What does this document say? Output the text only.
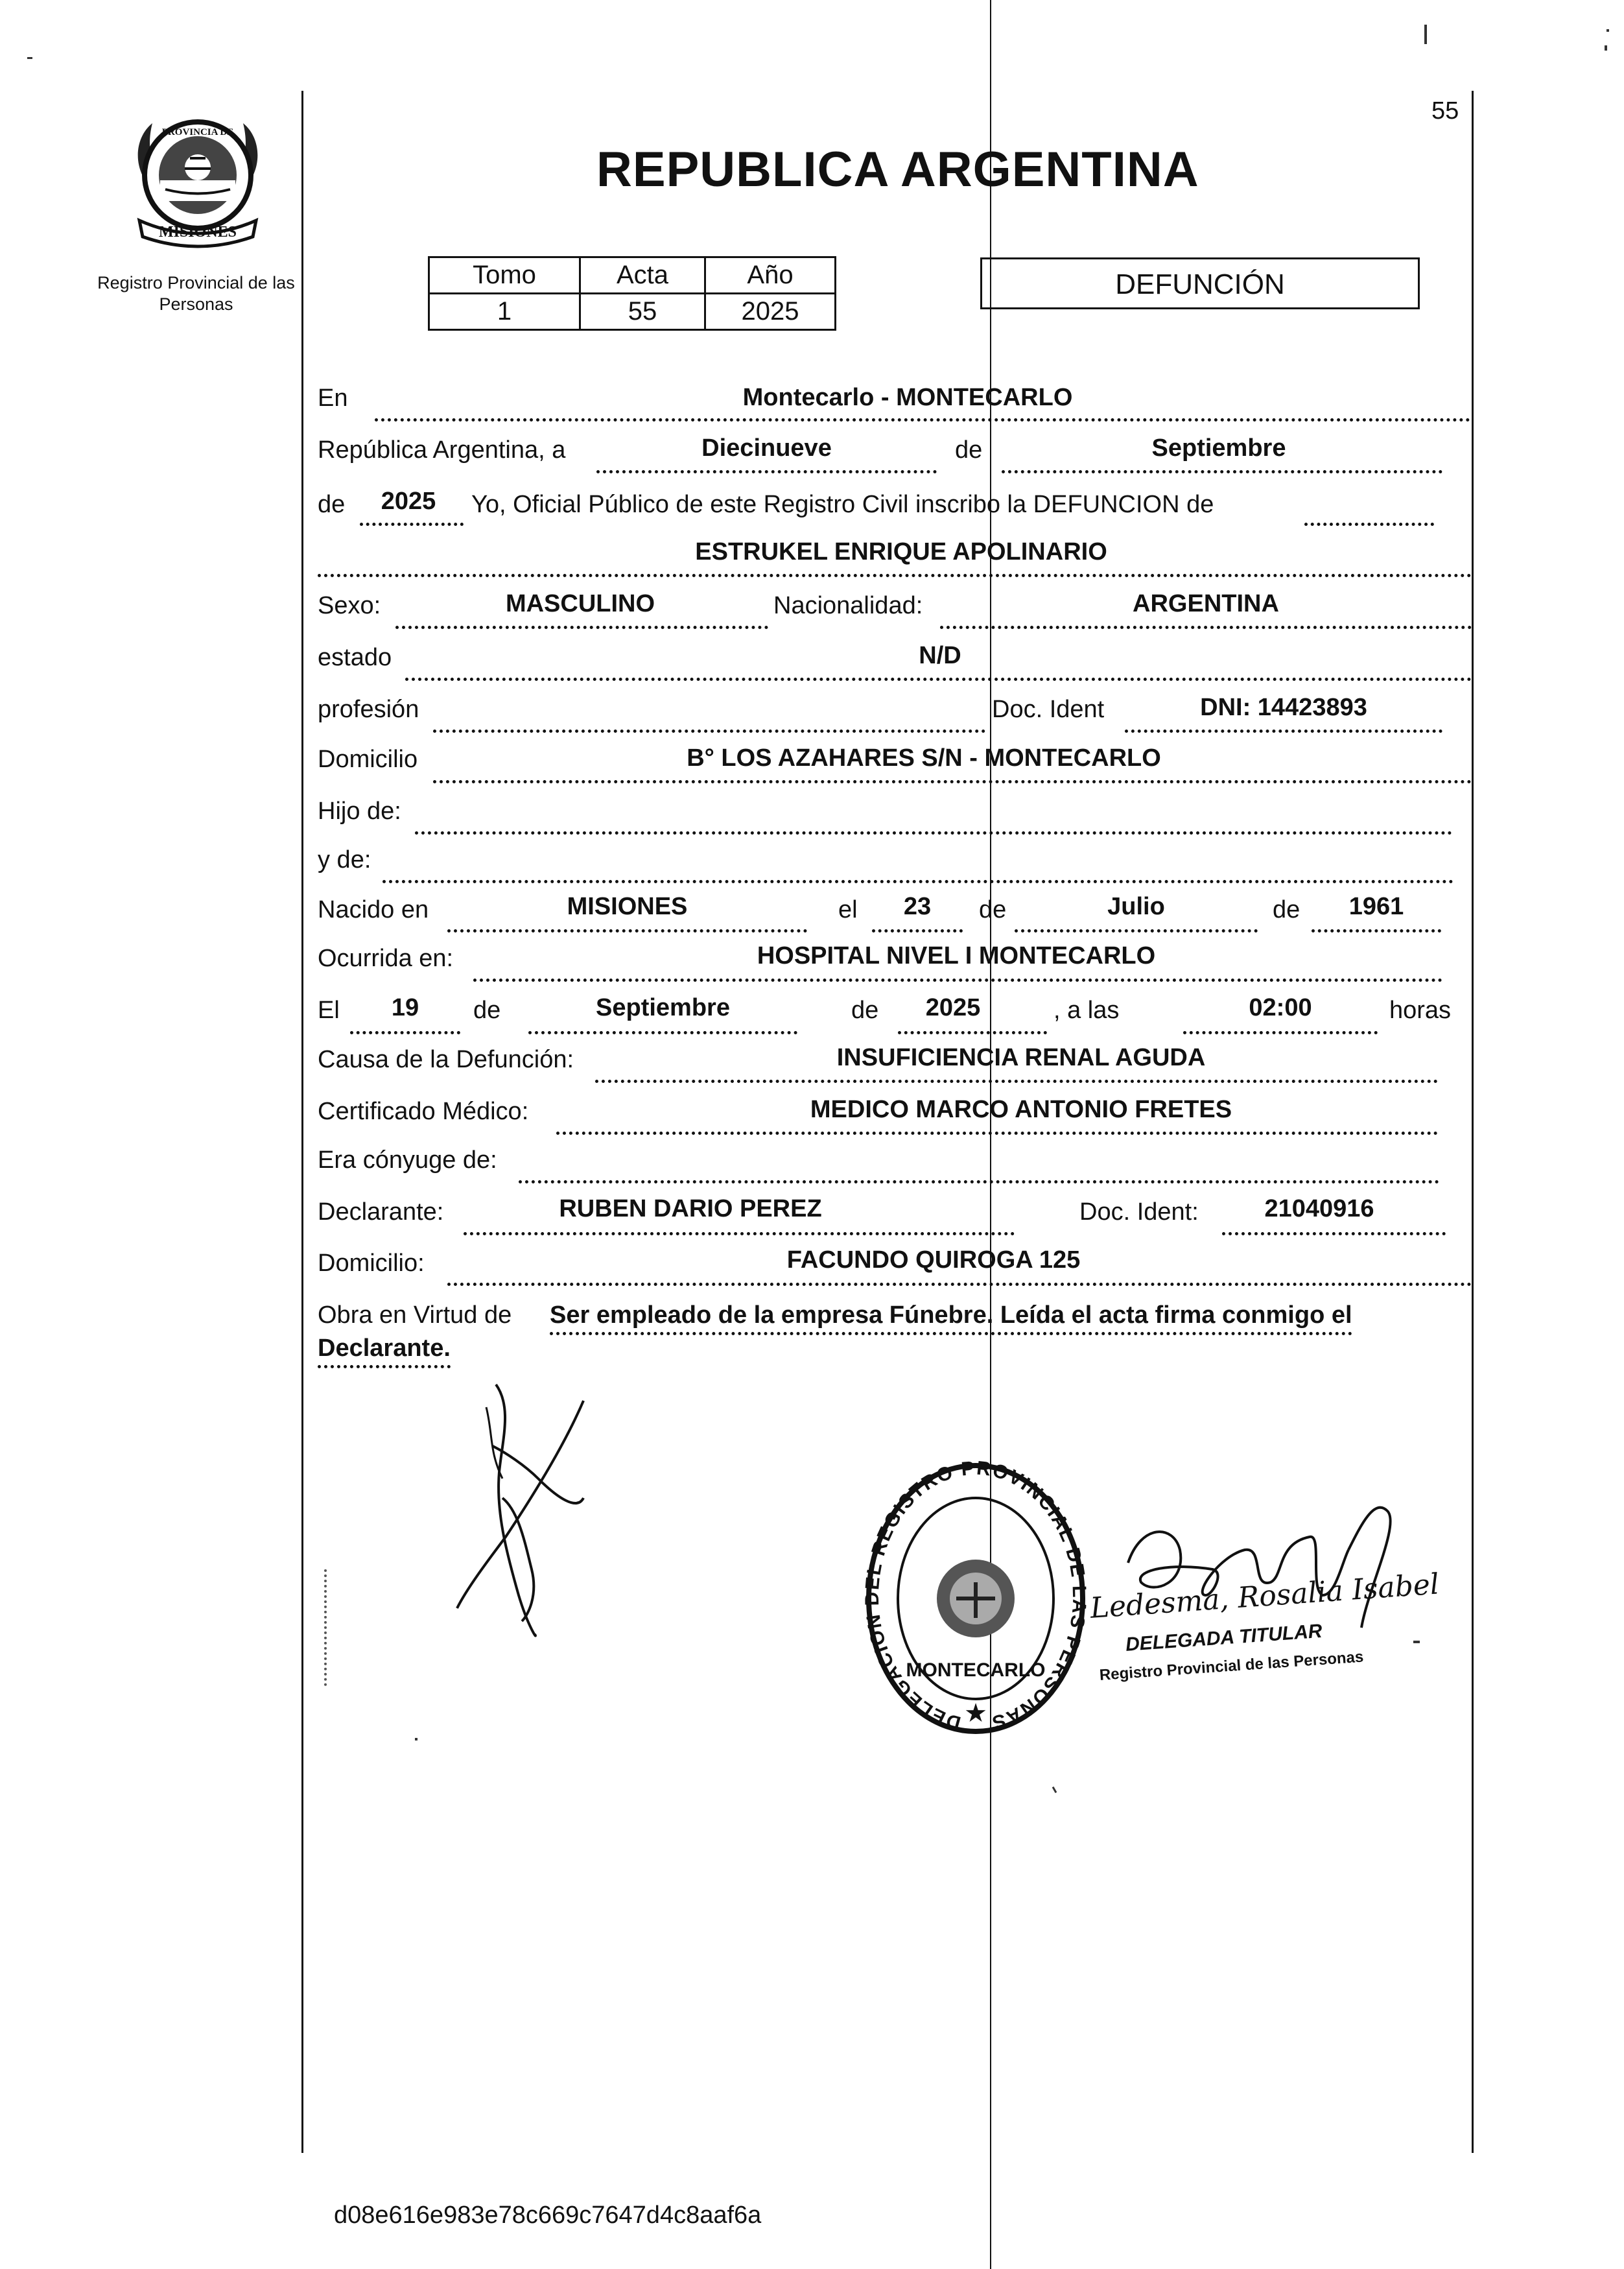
55
MISIONES
PROVINCIA DE
Registro Provincial de las Personas
REPUBLICA ARGENTINA
Tomo	Acta	Año
1	55	2025
DEFUNCIÓN
En	Montecarlo - MONTECARLO
República Argentina, a	Diecinueve	de	Septiembre
de	2025	Yo, Oficial Público de este Registro Civil inscribo la DEFUNCION de
ESTRUKEL ENRIQUE APOLINARIO
Sexo:	MASCULINO	Nacionalidad:	ARGENTINA
estado	N/D
profesión	Doc. Ident	DNI: 14423893
Domicilio	B° LOS AZAHARES S/N - MONTECARLO
Hijo de:
y de:
Nacido en	MISIONES	el	23	de	Julio	de	1961
Ocurrida en:	HOSPITAL NIVEL I MONTECARLO
El	19	de	Septiembre	de	2025	, a las	02:00	horas
Causa de la Defunción:	INSUFICIENCIA RENAL AGUDA
Certificado Médico:	MEDICO MARCO ANTONIO FRETES
Era cónyuge de:
Declarante:	RUBEN DARIO PEREZ	Doc. Ident:	21040916
Domicilio:	FACUNDO QUIROGA 125
Obra en Virtud de Ser empleado de la empresa Fúnebre. Leída el acta firma conmigo el
Declarante.
DELEGACION DEL REGISTRO PROVINCIAL DE LAS PERSONAS
MONTECARLO
★
Ledesma, Rosalia Isabel
DELEGADA TITULAR
Registro Provincial de las Personas
d08e616e983e78c669c7647d4c8aaf6a
